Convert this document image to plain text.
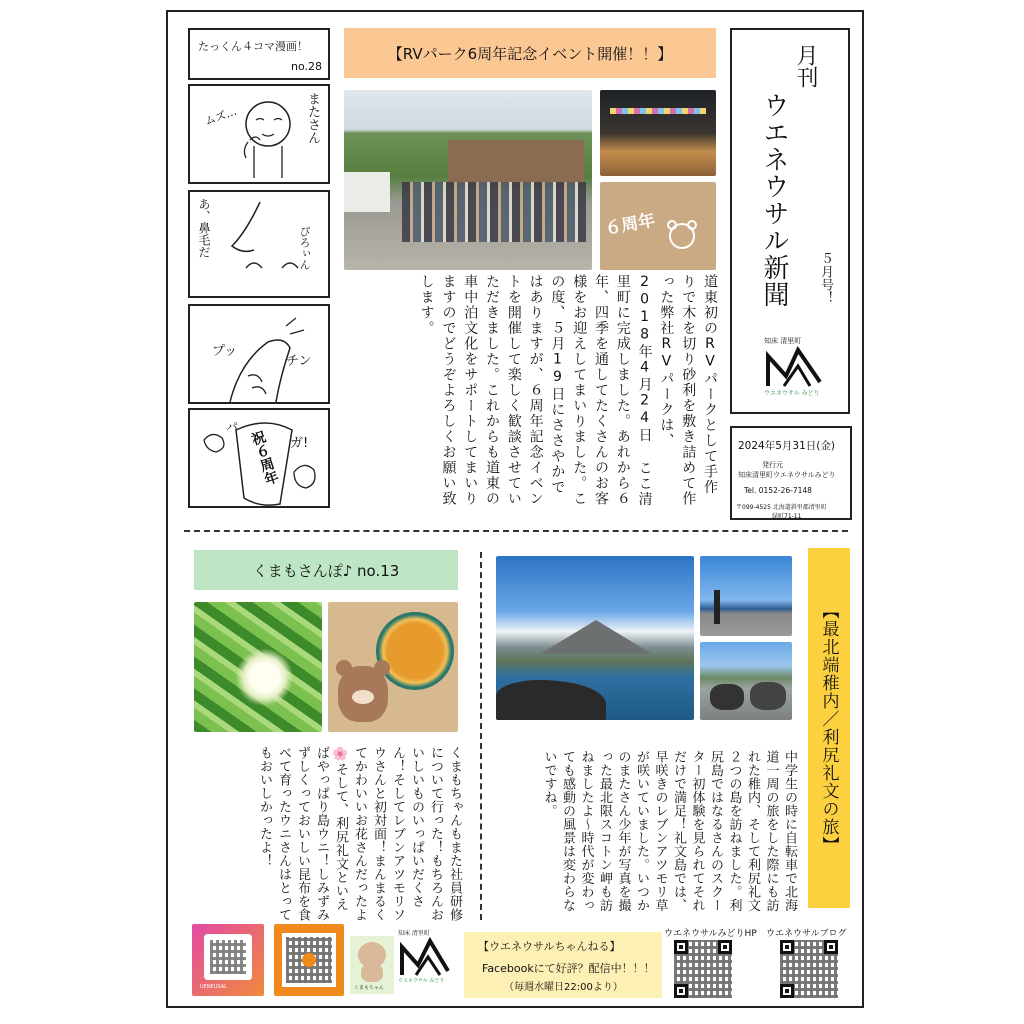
たっくん４コマ漫画！
no.28
ムズ…	またさん
あ、鼻毛だ	ぴろぃん
プッ
チン
パ
ガ!
祝６周年
【RVパーク6周年記念イベント開催！！】
６周年
道東初のRVパークとして手作りで木を切り砂利を敷き詰めて作った弊社RVパークは、2018年4月24日 ここ清里町に完成しました。あれから６年、四季を通してたくさんのお客様をお迎えしてまいりました。この度、５月19日にささやかではありますが、６周年記念イベントを開催して楽しく歓談させていただきました。これからも道東の車中泊文化をサポートしてまいりますのでどうぞよろしくお願い致します。
月刊
ウエネウサル新聞	５月号！
知床 清里町
ウエネウサル みどり
2024年5月31日(金)
発行元
知床清里町ウエネウサルみどり
Tel. 0152-26-7148
〒099-4525 北海道斜里郡清里町
緑町71-11
くまもさんぽ♪ no.13
くまもちゃんもまた社員研修について行った！もちろんおいしいものいっぱいだくさん！そしてレブンアツモリソウさんと初対面！まんまるくてかわいいお花さんだったよ🌸そして、利尻礼文といえばやっぱり島ウニ！しみずみずしくっておいしい昆布を食べて育ったウニさんはとってもおいしかったよ！	【最北端稚内／利尻礼文の旅】
中学生の時に自転車で北海道一周の旅をした際にも訪れた稚内、そして利尻礼文２つの島を訪ねました。利尻島ではなるさんのスクーター初体験を見られてそれだけで満足！礼文島では、早咲きのレブンアツモリ草が咲いていました。いつかのまたさん少年が写真を撮った最北限スコトン岬も訪ねましたよ～時代が変わっても感動の風景は変わらないですね。
UENEUSAL	くまもちゃん
知床 清里町
ウエネウサル みどり
【ウエネウサルちゃんねる】
Facebookにて好評？配信中！！！
（毎週水曜日22:00より）
ウエネウサルみどりHP ウエネウサルブログ
